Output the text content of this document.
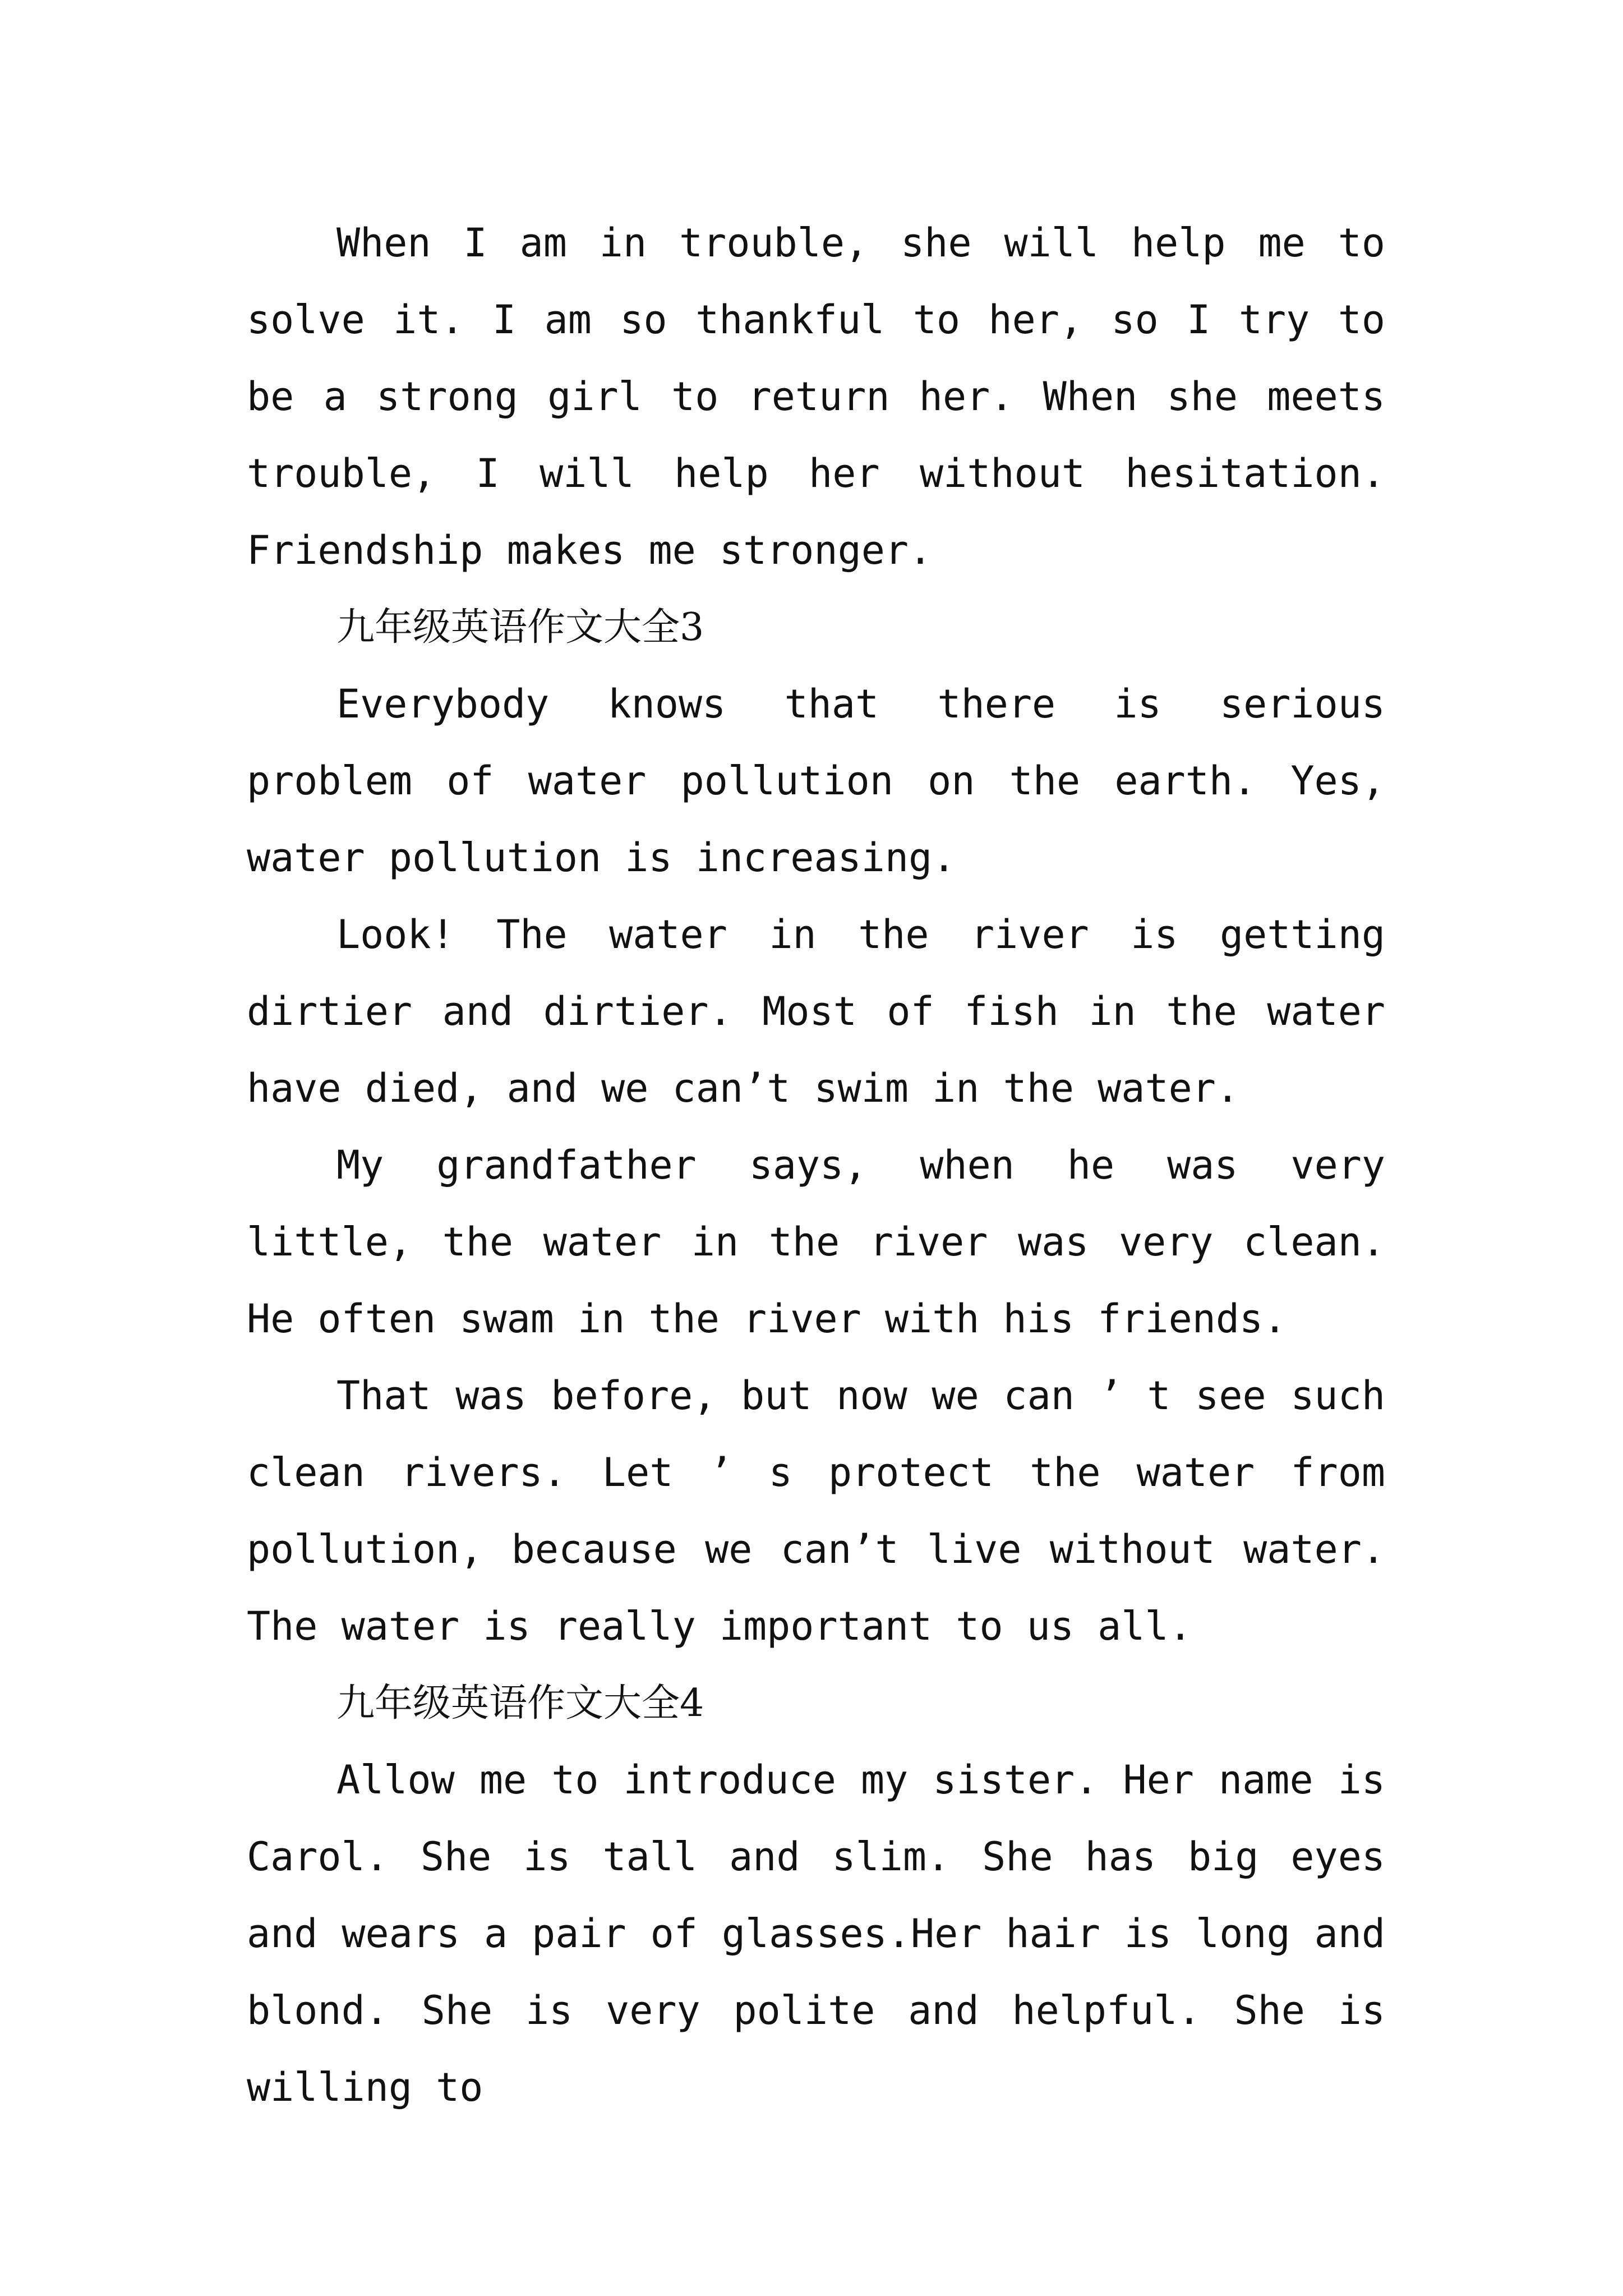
When I am in trouble, she will help me to solve it. I am so thankful to her, so I try to be a strong girl to return her. When she meets trouble, I will help her without hesitation. Friendship makes me stronger.

九年级英语作文大全3

Everybody knows that there is serious problem of water pollution on the earth. Yes, water pollution is increasing.

Look! The water in the river is getting dirtier and dirtier. Most of fish in the water have died, and we can’t swim in the water.

My grandfather says, when he was very little, the water in the river was very clean. He often swam in the river with his friends.

That was before, but now we can ’ t see such clean rivers. Let ’ s protect the water from pollution, because we can’t live without water. The water is really important to us all.

九年级英语作文大全4

Allow me to introduce my sister. Her name is Carol. She is tall and slim. She has big eyes and wears a pair of glasses.Her hair is long and blond. She is very polite and helpful. She is willing to
